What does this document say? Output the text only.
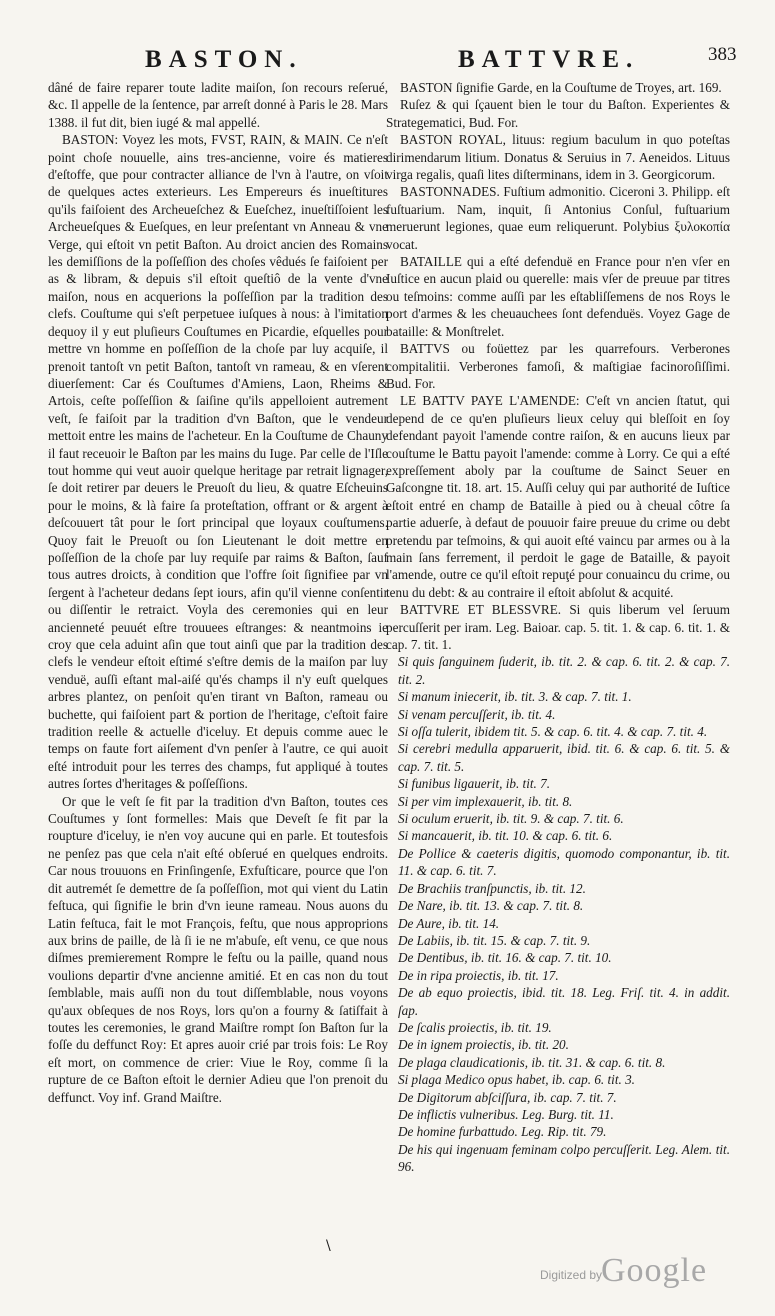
BASTON.	BATTVRE.	383

dâné de faire reparer toute ladite maiſon, ſon recours reſerué, &c. Il appelle de la ſentence, par arreſt donné à Paris le 28. Mars 1388. il fut dit, bien iugé & mal appellé.

BASTON: Voyez les mots, FVST, RAIN, & MAIN. Ce n'eſt point choſe nouuelle, ains tres-ancienne, voire és matieres d'eſtoffe, que pour contracter alliance de l'vn à l'autre, on vſoit de quelques actes exterieurs. Les Empereurs és inueſtitures qu'ils faiſoient des Archeueſchez & Eueſchez, inueſtiſſoient les Archeueſques & Eueſques, en leur preſentant vn Anneau & vne Verge, qui eſtoit vn petit Baſton. Au droict ancien des Romains les demiſſions de la poſſeſſion des choſes vêdués ſe faiſoient per as & libram, & depuis s'il eſtoit queſtiô de la vente d'vne maiſon, nous en acquerions la poſſeſſion par la tradition des clefs. Couſtume qui s'eſt perpetuee iuſques à nous: à l'imitation dequoy il y eut pluſieurs Couſtumes en Picardie, eſquelles pour mettre vn homme en poſſeſſion de la choſe par luy acquiſe, il prenoit tantoſt vn petit Baſton, tantoſt vn rameau, & en vſerent diuerſement: Car és Couſtumes d'Amiens, Laon, Rheims & Artois, ceſte poſſeſſion & ſaiſine qu'ils appelloient autrement veſt, ſe faiſoit par la tradition d'vn Baſton, que le vendeur mettoit entre les mains de l'acheteur. En la Couſtume de Chauny il faut receuoir le Baſton par les mains du Iuge. Par celle de l'Iſle tout homme qui veut auoir quelque heritage par retrait lignager, ſe doit retirer par deuers le Preuoſt du lieu, & quatre Eſcheuins pour le moins, & là faire ſa proteſtation, offrant or & argent à deſcouuert tât pour le ſort principal que loyaux couſtumens. Quoy fait le Preuoſt ou ſon Lieutenant le doit mettre en poſſeſſion de la choſe par luy requiſe par raims & Baſton, ſauf tous autres droicts, à condition que l'offre ſoit ſignifiee par vn ſergent à l'acheteur dedans ſept iours, afin qu'il vienne conſentir ou diſſentir le retraict. Voyla des ceremonies qui en leur ancienneté peuuét eſtre trouuees eſtranges: & neantmoins ie croy que cela aduint aſin que tout ainſi que par la tradition des clefs le vendeur eſtoit eſtimé s'eſtre demis de la maiſon par luy venduë, auſſi eſtant mal-aiſé qu'és champs il n'y euſt quelques arbres plantez, on penſoit qu'en tirant vn Baſton, rameau ou buchette, qui faiſoient part & portion de l'heritage, c'eſtoit faire tradition reelle & actuelle d'iceluy. Et depuis comme auec le temps on faute fort aiſement d'vn penſer à l'autre, ce qui auoit eſté introduit pour les terres des champs, fut appliqué à toutes autres ſortes d'heritages & poſſeſſions.

Or que le veſt ſe fit par la tradition d'vn Baſton, toutes ces Couſtumes y ſont formelles: Mais que Deveſt ſe fit par la roupture d'iceluy, ie n'en voy aucune qui en parle. Et toutesfois ne penſez pas que cela n'ait eſté obſerué en quelques endroits. Car nous trouuons en Frinſingenſe, Exfuſticare, pource que l'on dit autremét ſe demettre de ſa poſſeſſion, mot qui vient du Latin feſtuca, qui ſignifie le brin d'vn ieune rameau. Nous auons du Latin feſtuca, fait le mot François, feſtu, que nous approprions aux brins de paille, de là ſi ie ne m'abuſe, eſt venu, ce que nous diſmes premierement Rompre le feſtu ou la paille, quand nous voulions departir d'vne ancienne amitié. Et en cas non du tout ſemblable, mais auſſi non du tout diſſemblable, nous voyons qu'aux obſeques de nos Roys, lors qu'on a fourny & ſatiſfait à toutes les ceremonies, le grand Maiſtre rompt ſon Baſton ſur la foſſe du deffunct Roy: Et apres auoir crié par trois fois: Le Roy eſt mort, on commence de crier: Viue le Roy, comme ſi la rupture de ce Baſton eſtoit le dernier Adieu que l'on prenoit du deffunct. Voy inf. Grand Maiſtre.

BASTON ſignifie Garde, en la Couſtume de Troyes, art. 169.

Ruſez & qui ſçauent bien le tour du Baſton. Experientes & Strategematici, Bud. For.

BASTON ROYAL, lituus: regium baculum in quo poteſtas dirimendarum litium. Donatus & Seruius in 7. Aeneidos. Lituus virga regalis, quaſi lites diſterminans, idem in 3. Georgicorum.

BASTONNADES. Fuſtium admonitio. Ciceroni 3. Philipp. eſt fuſtuarium. Nam, inquit, ſi Antonius Conſul, fuſtuarium meruerunt legiones, quae eum reliquerunt. Polybius ξυλοκοπία vocat.

BATAILLE qui a eſté defenduë en France pour n'en vſer en Iuſtice en aucun plaid ou querelle: mais vſer de preuue par titres ou teſmoins: comme auſſi par les eſtabliſſemens de nos Roys le port d'armes & les cheuauchees ſont defenduës. Voyez Gage de bataille: & Monſtrelet.

BATTVS ou foüettez par les quarrefours. Verberones compitalitii. Verberones famoſi, & maſtigiae facinoroſiſſimi. Bud. For.

LE BATTV PAYE L'AMENDE: C'eſt vn ancien ſtatut, qui depend de ce qu'en pluſieurs lieux celuy qui bleſſoit en ſoy defendant payoit l'amende contre raiſon, & en aucuns lieux par couſtume le Battu payoit l'amende: comme à Lorry. Ce qui a eſté expreſſement aboly par la couſtume de Sainct Seuer en Gaſcongne tit. 18. art. 15. Auſſi celuy qui par authorité de Iuſtice eſtoit entré en champ de Bataille à pied ou à cheual côtre ſa partie aduerſe, à defaut de pouuoir faire preuue du crime ou debt pretendu par teſmoins, & qui auoit eſté vaincu par armes ou à la main ſans ferrement, il perdoit le gage de Bataille, & payoit l'amende, outre ce qu'il eſtoit repuţé pour conuaincu du crime, ou tenu du debt: & au contraire il eſtoit abſolut & acquité.

BATTVRE ET BLESSVRE. Si quis liberum vel ſeruum percuſſerit per iram. Leg. Baioar. cap. 5. tit. 1. & cap. 6. tit. 1. & cap. 7. tit. 1.

Si quis ſanguinem ſuderit, ib. tit. 2. & cap. 6. tit. 2. & cap. 7. tit. 2.

Si manum iniecerit, ib. tit. 3. & cap. 7. tit. 1.

Si venam percuſſerit, ib. tit. 4.

Si oſſa tulerit, ibidem tit. 5. & cap. 6. tit. 4. & cap. 7. tit. 4.

Si cerebri medulla apparuerit, ibid. tit. 6. & cap. 6. tit. 5. & cap. 7. tit. 5.

Si funibus ligauerit, ib. tit. 7.

Si per vim implexauerit, ib. tit. 8.

Si oculum eruerit, ib. tit. 9. & cap. 7. tit. 6.

Si mancauerit, ib. tit. 10. & cap. 6. tit. 6.

De Pollice & caeteris digitis, quomodo componantur, ib. tit. 11. & cap. 6. tit. 7.

De Brachiis tranſpunctis, ib. tit. 12.

De Nare, ib. tit. 13. & cap. 7. tit. 8.

De Aure, ib. tit. 14.

De Labiis, ib. tit. 15. & cap. 7. tit. 9.

De Dentibus, ib. tit. 16. & cap. 7. tit. 10.

De in ripa proiectis, ib. tit. 17.

De ab equo proiectis, ibid. tit. 18. Leg. Friſ. tit. 4. in addit. ſap.

De ſcalis proiectis, ib. tit. 19.

De in ignem proiectis, ib. tit. 20.

De plaga claudicationis, ib. tit. 31. & cap. 6. tit. 8.

Si plaga Medico opus habet, ib. cap. 6. tit. 3.

De Digitorum abſciſſura, ib. cap. 7. tit. 7.

De inflictis vulneribus. Leg. Burg. tit. 11.

De homine furbattudo. Leg. Rip. tit. 79.

De his qui ingenuam feminam colpo percuſſerit. Leg. Alem. tit. 96.

\
Digitized by
Google
